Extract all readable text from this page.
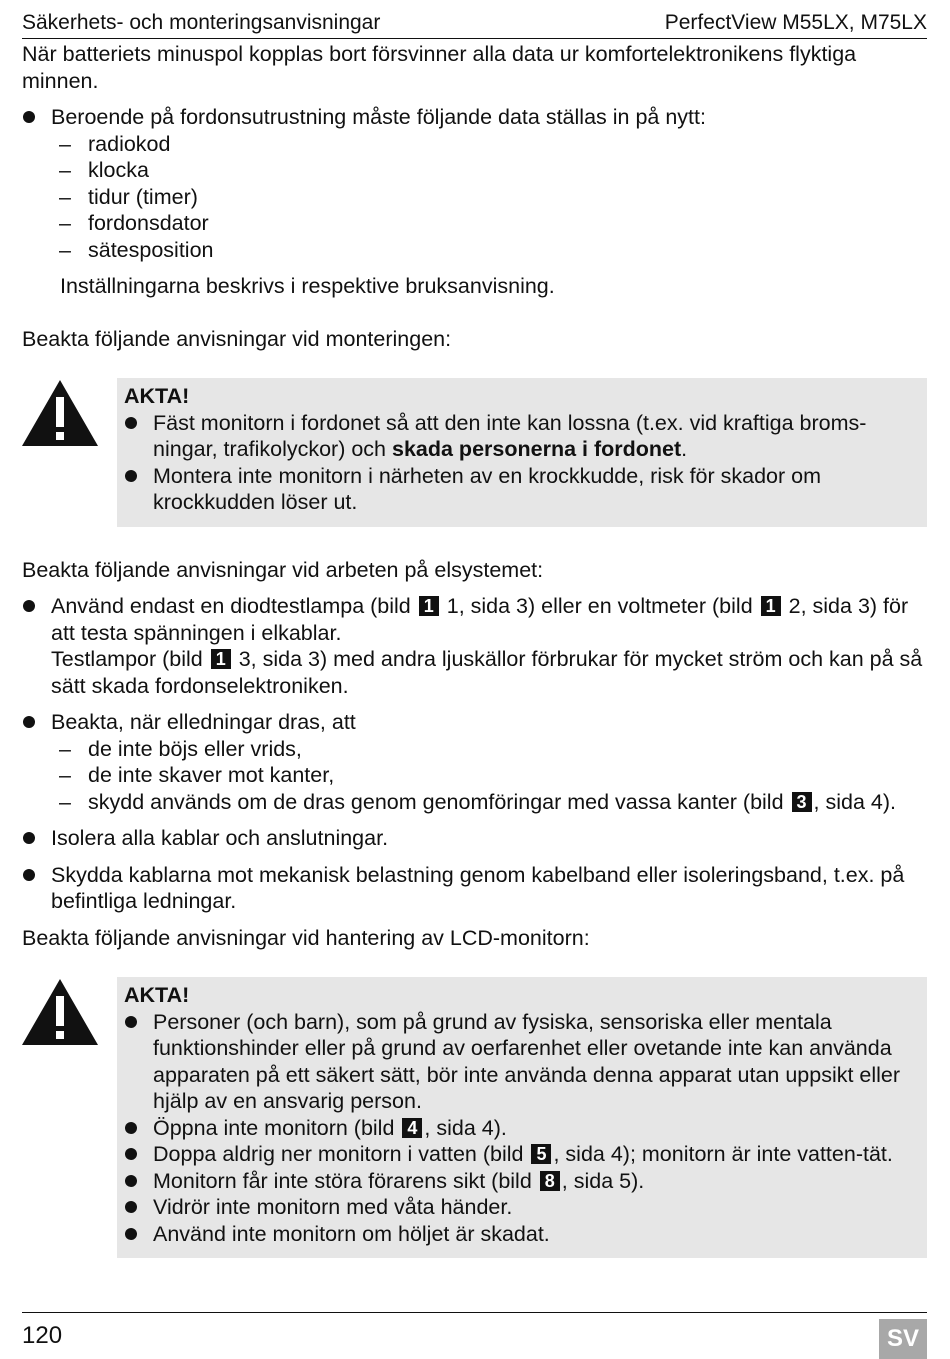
Säkerhets- och monteringsanvisningar	PerfectView M55LX, M75LX

När batteriets minuspol kopplas bort försvinner alla data ur komfortelektronikens flyktiga minnen.

Beroende på fordonsutrustning måste följande data ställas in på nytt:
– radiokod
– klocka
– tidur (timer)
– fordonsdator
– sätesposition

Inställningarna beskrivs i respektive bruksanvisning.

Beakta följande anvisningar vid monteringen:

AKTA!
Fäst monitorn i fordonet så att den inte kan lossna (t.ex. vid kraftiga broms-ningar, trafikolyckor) och skada personerna i fordonet.
Montera inte monitorn i närheten av en krockkudde, risk för skador om krockkudden löser ut.

Beakta följande anvisningar vid arbeten på elsystemet:

Använd endast en diodtestlampa (bild 1 1, sida 3) eller en voltmeter (bild 1 2, sida 3) för att testa spänningen i elkablar.
Testlampor (bild 1 3, sida 3) med andra ljuskällor förbrukar för mycket ström och kan på så sätt skada fordonselektroniken.
Beakta, när elledningar dras, att
– de inte böjs eller vrids,
– de inte skaver mot kanter,
– skydd används om de dras genom genomföringar med vassa kanter (bild 3 , sida 4).
Isolera alla kablar och anslutningar.
Skydda kablarna mot mekanisk belastning genom kabelband eller isoleringsband, t.ex. på befintliga ledningar.

Beakta följande anvisningar vid hantering av LCD-monitorn:

AKTA!
Personer (och barn), som på grund av fysiska, sensoriska eller mentala funktionshinder eller på grund av oerfarenhet eller ovetande inte kan använda apparaten på ett säkert sätt, bör inte använda denna apparat utan uppsikt eller hjälp av en ansvarig person.
Öppna inte monitorn (bild 4 , sida 4).
Doppa aldrig ner monitorn i vatten (bild 5 , sida 4); monitorn är inte vatten-tät.
Monitorn får inte störa förarens sikt (bild 8 , sida 5).
Vidrör inte monitorn med våta händer.
Använd inte monitorn om höljet är skadat.
120	SV
